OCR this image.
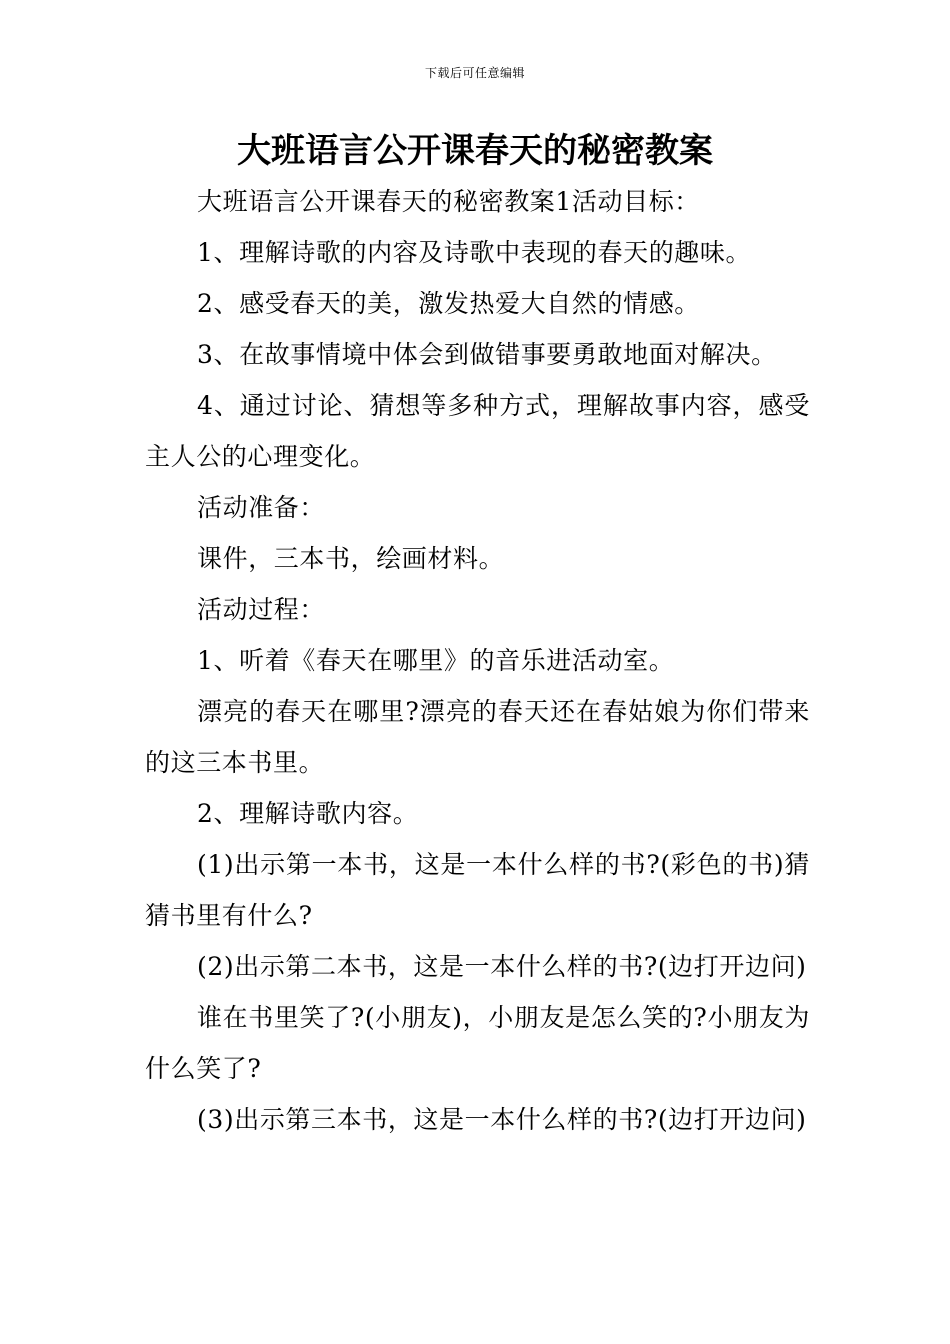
下载后可任意编辑
大班语言公开课春天的秘密教案

大班语言公开课春天的秘密教案1活动目标：

1、理解诗歌的内容及诗歌中表现的春天的趣味。

2、感受春天的美，激发热爱大自然的情感。

3、在故事情境中体会到做错事要勇敢地面对解决。

4、通过讨论、猜想等多种方式，理解故事内容，感受主人公的心理变化。

活动准备：

课件，三本书，绘画材料。

活动过程：

1、听着《春天在哪里》的音乐进活动室。

漂亮的春天在哪里?漂亮的春天还在春姑娘为你们带来的这三本书里。

2、理解诗歌内容。

(1)出示第一本书，这是一本什么样的书?(彩色的书)猜猜书里有什么?

(2)出示第二本书，这是一本什么样的书?(边打开边问)

谁在书里笑了?(小朋友)，小朋友是怎么笑的?小朋友为什么笑了?

(3)出示第三本书，这是一本什么样的书?(边打开边问)
